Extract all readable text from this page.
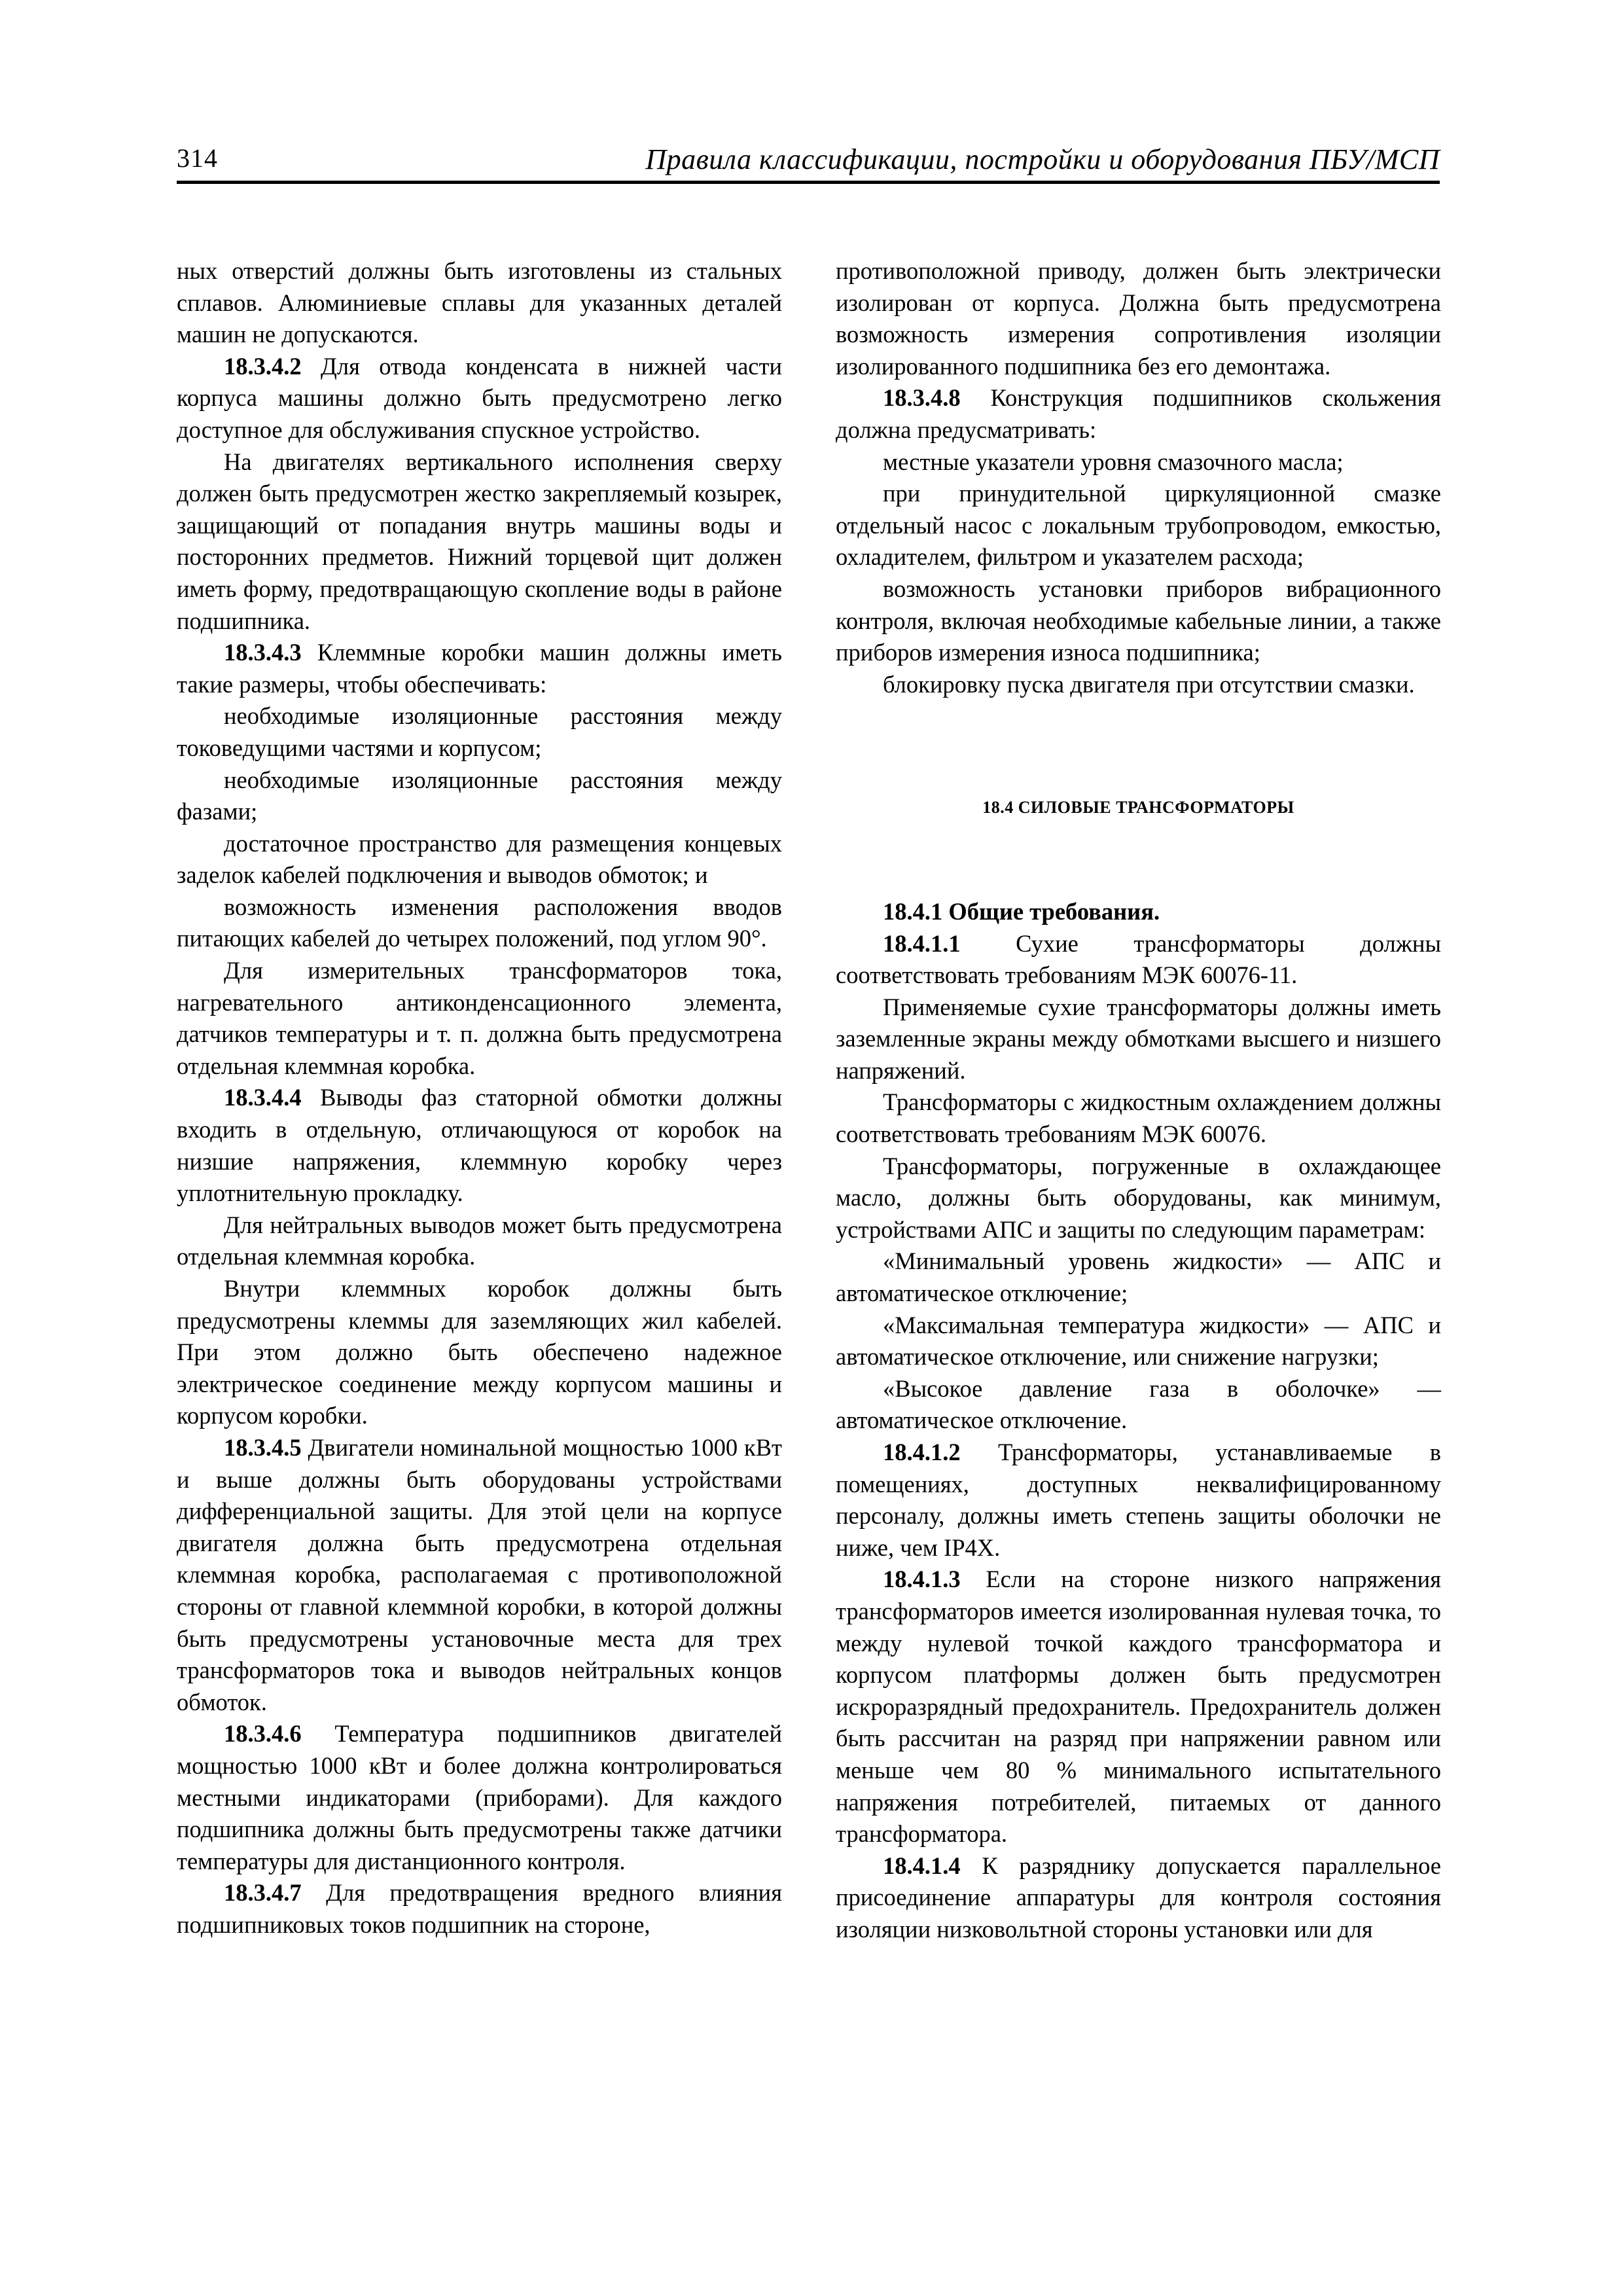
314	Правила классификации, постройки и оборудования ПБУ/МСП

ных отверстий должны быть изготовлены из стальных сплавов. Алюминиевые сплавы для указанных деталей машин не допускаются.

18.3.4.2 Для отвода конденсата в нижней части корпуса машины должно быть предусмотрено легко доступное для обслуживания спускное устройство.

На двигателях вертикального исполнения сверху должен быть предусмотрен жестко закрепляемый козырек, защищающий от попадания внутрь машины воды и посторонних предметов. Нижний торцевой щит должен иметь форму, предотвращающую скопление воды в районе подшипника.

18.3.4.3 Клеммные коробки машин должны иметь такие размеры, чтобы обеспечивать:

необходимые изоляционные расстояния между токоведущими частями и корпусом;

необходимые изоляционные расстояния между фазами;

достаточное пространство для размещения концевых заделок кабелей подключения и выводов обмоток; и

возможность изменения расположения вводов питающих кабелей до четырех положений, под углом 90°.

Для измерительных трансформаторов тока, нагревательного антиконденсационного элемента, датчиков температуры и т. п. должна быть предусмотрена отдельная клеммная коробка.

18.3.4.4 Выводы фаз статорной обмотки должны входить в отдельную, отличающуюся от коробок на низшие напряжения, клеммную коробку через уплотнительную прокладку.

Для нейтральных выводов может быть предусмотрена отдельная клеммная коробка.

Внутри клеммных коробок должны быть предусмотрены клеммы для заземляющих жил кабелей. При этом должно быть обеспечено надежное электрическое соединение между корпусом машины и корпусом коробки.

18.3.4.5 Двигатели номинальной мощностью 1000 кВт и выше должны быть оборудованы устройствами дифференциальной защиты. Для этой цели на корпусе двигателя должна быть предусмотрена отдельная клеммная коробка, располагаемая с противоположной стороны от главной клеммной коробки, в которой должны быть предусмотрены установочные места для трех трансформаторов тока и выводов нейтральных концов обмоток.

18.3.4.6 Температура подшипников двигателей мощностью 1000 кВт и более должна контролироваться местными индикаторами (приборами). Для каждого подшипника должны быть предусмотрены также датчики температуры для дистанционного контроля.

18.3.4.7 Для предотвращения вредного влияния подшипниковых токов подшипник на стороне,

противоположной приводу, должен быть электрически изолирован от корпуса. Должна быть предусмотрена возможность измерения сопротивления изоляции изолированного подшипника без его демонтажа.

18.3.4.8 Конструкция подшипников скольжения должна предусматривать:

местные указатели уровня смазочного масла;

при принудительной циркуляционной смазке отдельный насос с локальным трубопроводом, емкостью, охладителем, фильтром и указателем расхода;

возможность установки приборов вибрационного контроля, включая необходимые кабельные линии, а также приборов измерения износа подшипника;

блокировку пуска двигателя при отсутствии смазки.

18.4 СИЛОВЫЕ ТРАНСФОРМАТОРЫ

18.4.1 Общие требования.

18.4.1.1 Сухие трансформаторы должны соответствовать требованиям МЭК 60076-11.

Применяемые сухие трансформаторы должны иметь заземленные экраны между обмотками высшего и низшего напряжений.

Трансформаторы с жидкостным охлаждением должны соответствовать требованиям МЭК 60076.

Трансформаторы, погруженные в охлаждающее масло, должны быть оборудованы, как минимум, устройствами АПС и защиты по следующим параметрам:

«Минимальный уровень жидкости» — АПС и автоматическое отключение;

«Максимальная температура жидкости» — АПС и автоматическое отключение, или снижение нагрузки;

«Высокое давление газа в оболочке» — автоматическое отключение.

18.4.1.2 Трансформаторы, устанавливаемые в помещениях, доступных неквалифицированному персоналу, должны иметь степень защиты оболочки не ниже, чем IP4X.

18.4.1.3 Если на стороне низкого напряжения трансформаторов имеется изолированная нулевая точка, то между нулевой точкой каждого трансформатора и корпусом платформы должен быть предусмотрен искроразрядный предохранитель. Предохранитель должен быть рассчитан на разряд при напряжении равном или меньше чем 80 % минимального испытательного напряжения потребителей, питаемых от данного трансформатора.

18.4.1.4 К разряднику допускается параллельное присоединение аппаратуры для контроля состояния изоляции низковольтной стороны установки или для
